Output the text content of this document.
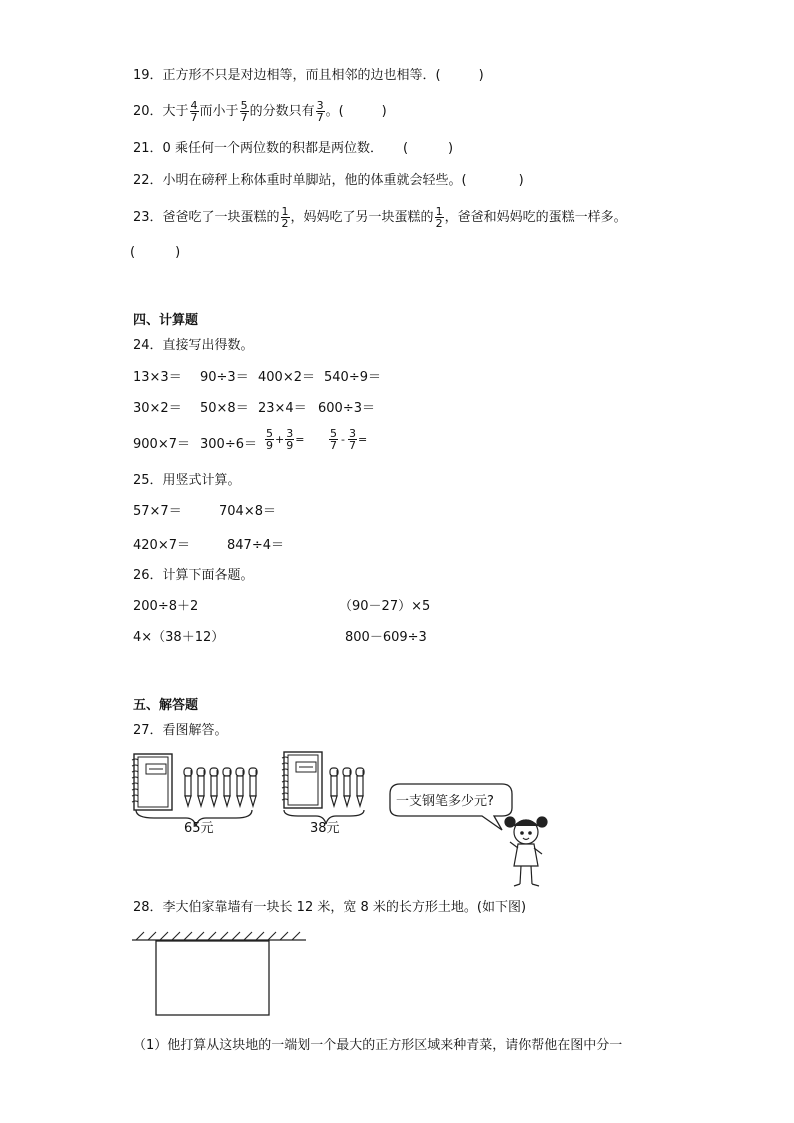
19．正方形不只是对边相等，而且相邻的边也相等．(	)
20．大于 $\frac{4}{7}$ 而小于 $\frac{5}{7}$ 的分数只有 $\frac{3}{7}$ 。(	)
21．0 乘任何一个两位数的积都是两位数． (	)
22．小明在磅秤上称体重时单脚站，他的体重就会轻些。(	)
23．爸爸吃了一块蛋糕的 $\frac{1}{2}$ ，妈妈吃了另一块蛋糕的 $\frac{1}{2}$ ，爸爸和妈妈吃的蛋糕一样多。
(	)
四、计算题
24．直接写出得数。
13×3＝ 90÷3＝ 400×2＝ 540÷9＝
30×2＝ 50×8＝ 23×4＝ 600÷3＝
$900\times 7= 300\div 6= \frac{5}{9} + \frac{3}{9} = \frac{5}{7} - \frac{3}{7}$ =
25．用竖式计算。
57×7＝	704×8＝
420×7＝	847÷4＝
26．计算下面各题。
200÷8＋2	（90－27）×5
4×（38＋12）	800－609÷3
五、解答题
27．看图解答。
65元	38元
一支钢笔多少元?
28．李大伯家靠墙有一块长 12 米，宽 8 米的长方形土地。(如下图)
（1）他打算从这块地的一端划一个最大的正方形区域来种青菜，请你帮他在图中分一
